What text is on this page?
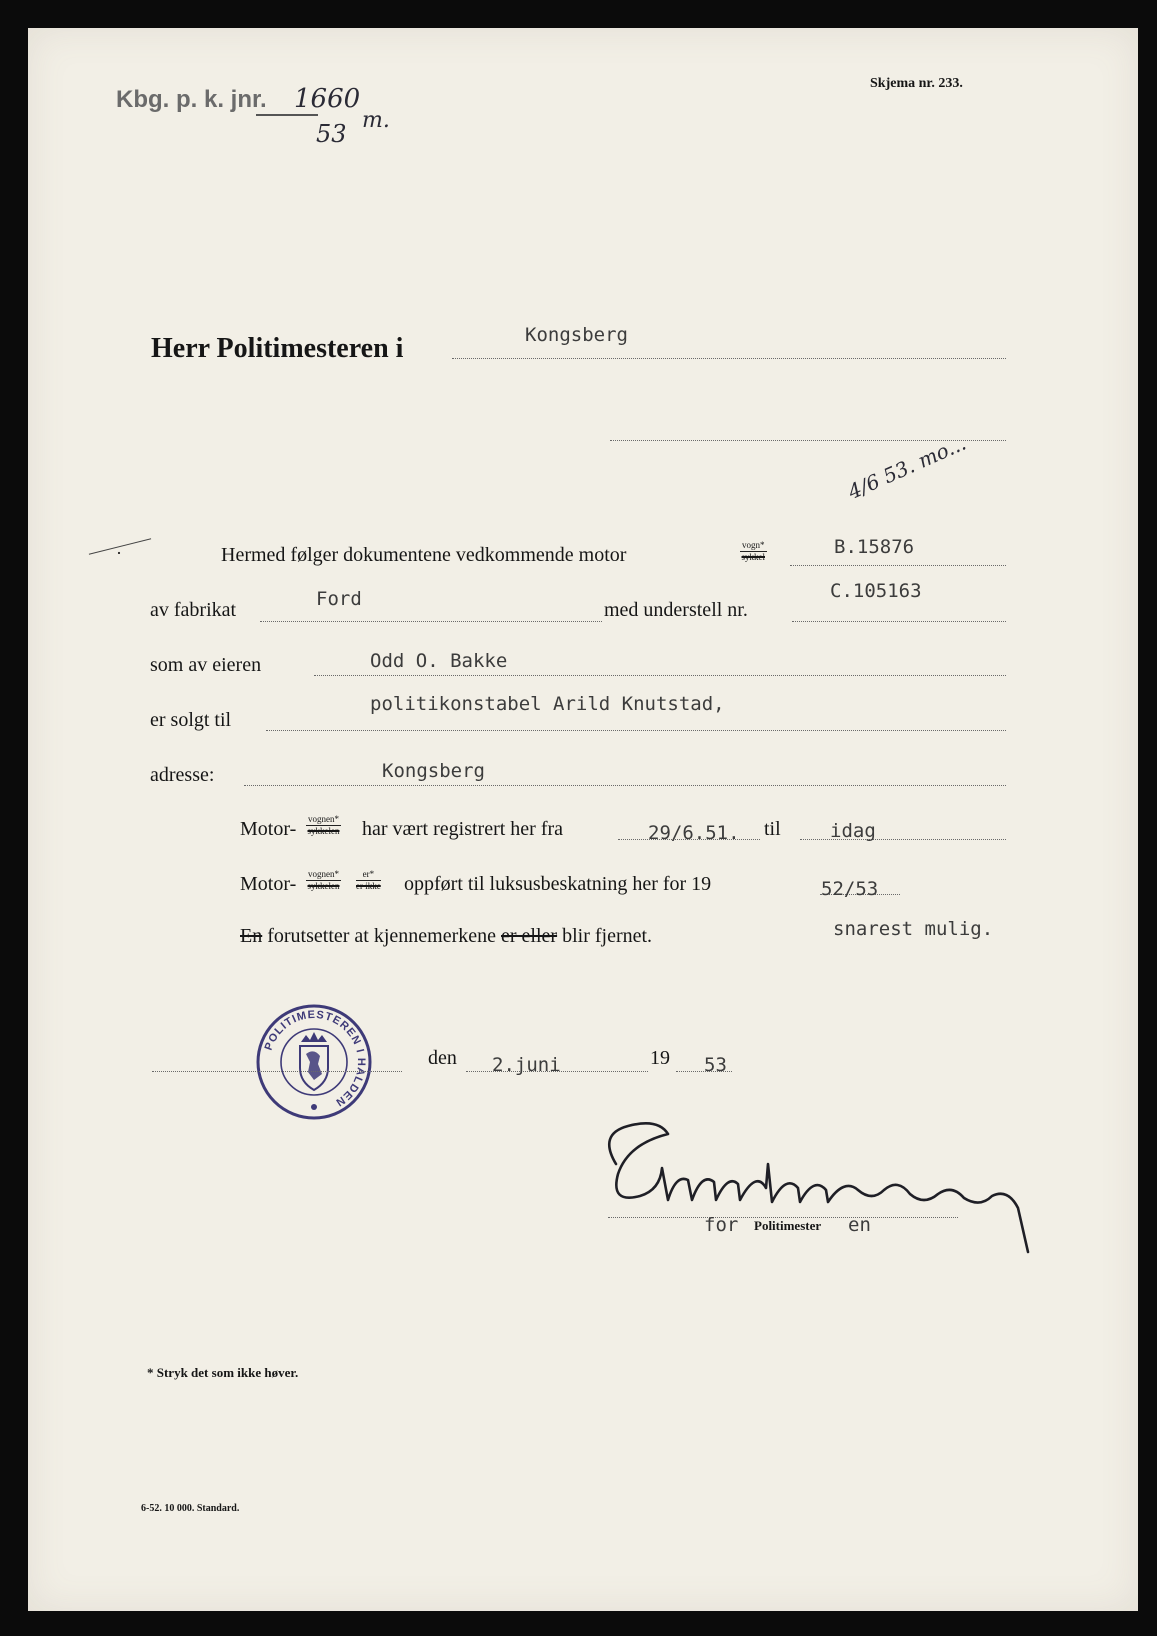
Kbg. p. k. jnr. 1660
53 m.
Skjema nr. 233.
Herr Politimesteren i	Kongsberg
4/6 53. mo...
·	Hermed følger dokumentene vedkommende motor	vogn*
sykkel	B.15876
av fabrikat	Ford	med understell nr.
C.105163
som av eieren	Odd O. Bakke
er solgt til
politikonstabel Arild Knutstad,
adresse:	Kongsberg
Motor- vognen*
sykkelen har vært registrert her fra	29/6.51. til	idag
Motor- vognen*
sykkelen
er*
er ikke oppført til luksusbeskatning her for 19	52/53
En forutsetter at kjennemerkene er eller blir fjernet.	snarest mulig.
POLITIMESTEREN I HALDEN
den 2.juni	19 53
for Politimester en
* Stryk det som ikke høver.
6-52. 10 000. Standard.
